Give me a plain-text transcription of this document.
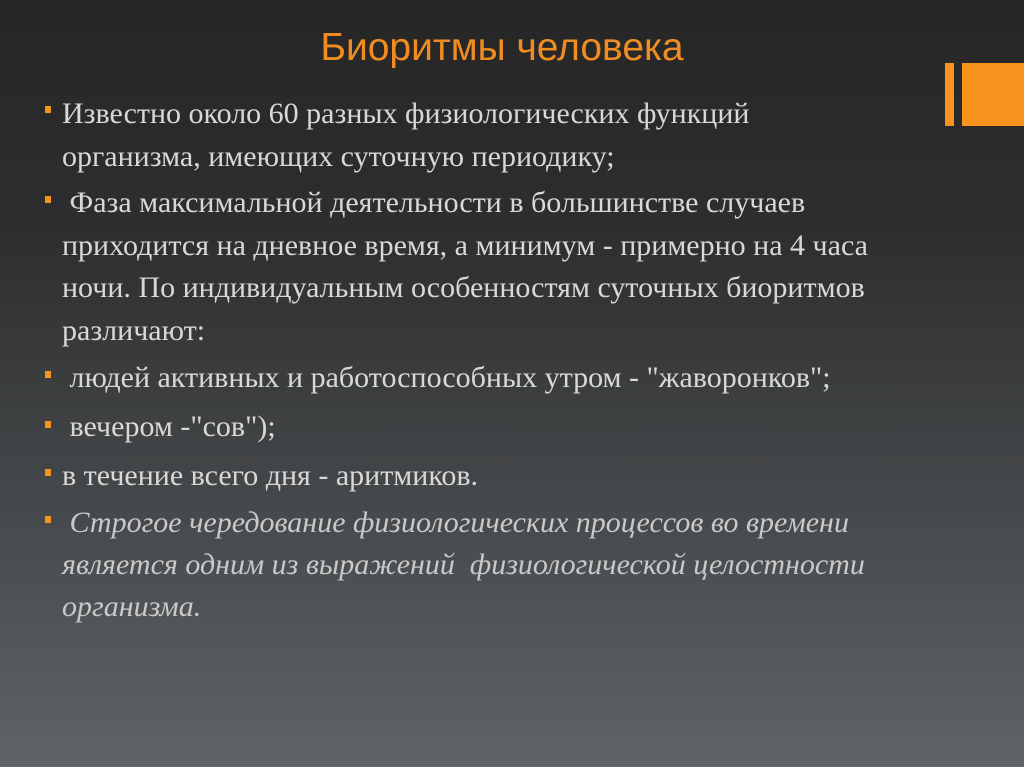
Биоритмы человека

Известно около 60 разных физиологических функций

организма, имеющих суточную периодику;

Фаза максимальной деятельности в большинстве случаев

приходится на дневное время, а минимум - примерно на 4 часа

ночи. По индивидуальным особенностям суточных биоритмов

различают:

людей активных и работоспособных утром - "жаворонков";

вечером -"сов");

в течение всего дня - аритмиков.

Строгое чередование физиологических процессов во времени

является одним из выражений  физиологической целостности

организма.
